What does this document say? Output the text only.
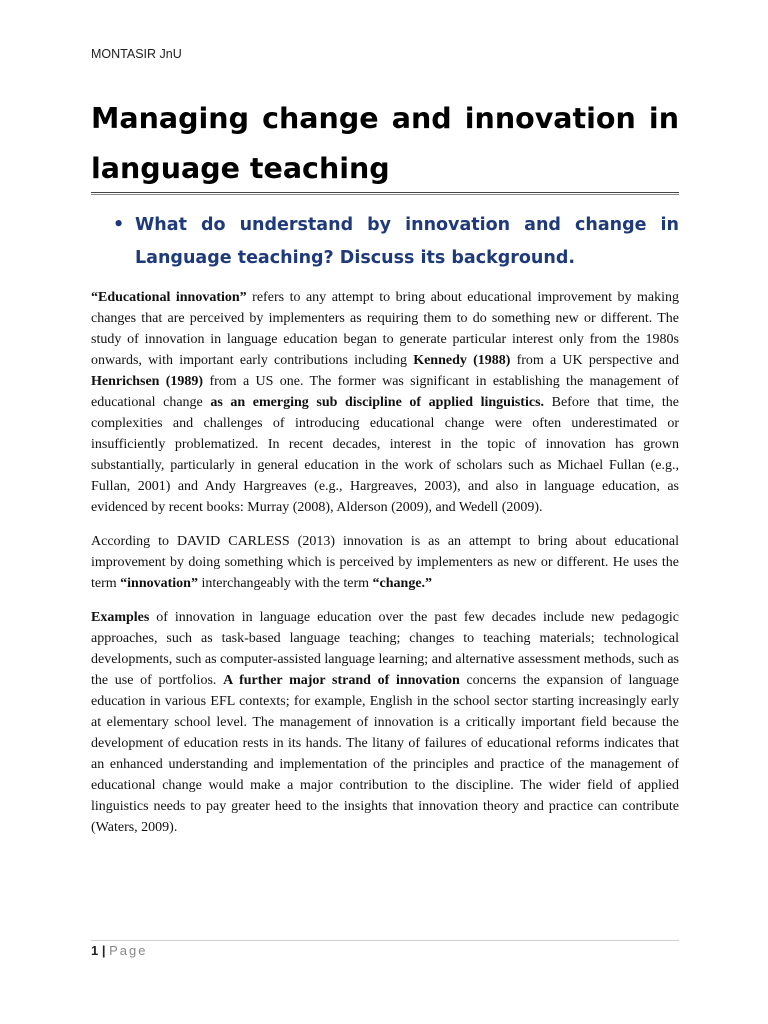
MONTASIR JnU
Managing change and innovation in language teaching
• What do understand by innovation and change in Language teaching? Discuss its background.

“Educational innovation” refers to any attempt to bring about educational improvement by making changes that are perceived by implementers as requiring them to do something new or different. The study of innovation in language education began to generate particular interest only from the 1980s onwards, with important early contributions including Kennedy (1988) from a UK perspective and Henrichsen (1989) from a US one. The former was significant in establishing the management of educational change as an emerging sub discipline of applied linguistics. Before that time, the complexities and challenges of introducing educational change were often underestimated or insufficiently problematized. In recent decades, interest in the topic of innovation has grown substantially, particularly in general education in the work of scholars such as Michael Fullan (e.g., Fullan, 2001) and Andy Hargreaves (e.g., Hargreaves, 2003), and also in language education, as evidenced by recent books: Murray (2008), Alderson (2009), and Wedell (2009).

According to DAVID CARLESS (2013) innovation is as an attempt to bring about educational improvement by doing something which is perceived by implementers as new or different. He uses the term “innovation” interchangeably with the term “change.”

Examples of innovation in language education over the past few decades include new pedagogic approaches, such as task-based language teaching; changes to teaching materials; technological developments, such as computer-assisted language learning; and alternative assessment methods, such as the use of portfolios. A further major strand of innovation concerns the expansion of language education in various EFL contexts; for example, English in the school sector starting increasingly early at elementary school level. The management of innovation is a critically important field because the development of education rests in its hands. The litany of failures of educational reforms indicates that an enhanced understanding and implementation of the principles and practice of the management of educational change would make a major contribution to the discipline. The wider field of applied linguistics needs to pay greater heed to the insights that innovation theory and practice can contribute (Waters, 2009).

1 | Page
